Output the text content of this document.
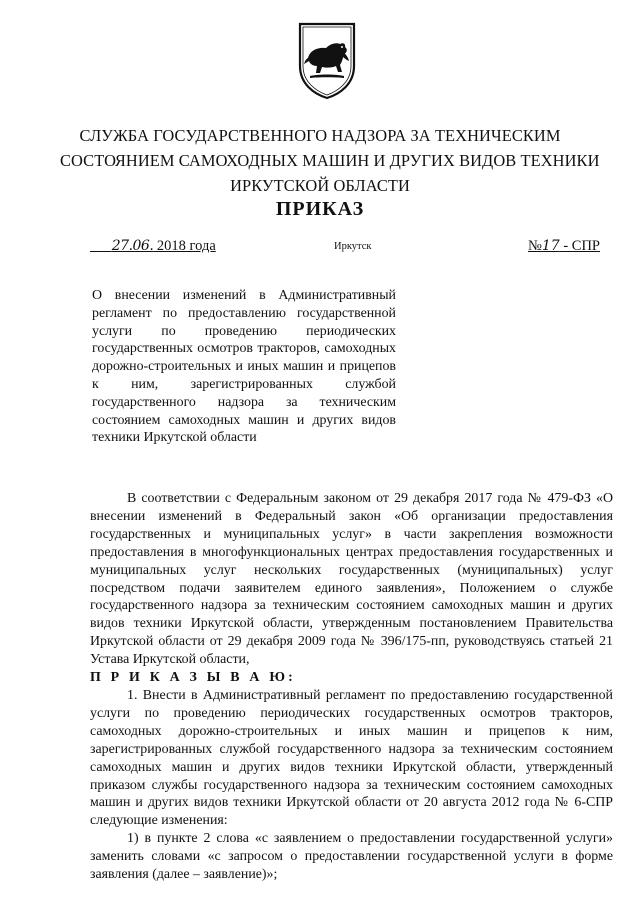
СЛУЖБА ГОСУДАРСТВЕННОГО НАДЗОРА ЗА ТЕХНИЧЕСКИМ
СОСТОЯНИЕМ САМОХОДНЫХ МАШИН И ДРУГИХ ВИДОВ ТЕХНИКИ
ИРКУТСКОЙ ОБЛАСТИ
ПРИКАЗ
27.06. 2018 года	Иркутск	№17 - СПР
О внесении изменений в Административный регламент по предоставлению государственной услуги по проведению периодических государственных осмотров тракторов, самоходных дорожно-строительных и иных машин и прицепов к ним, зарегистрированных службой государственного надзора за техническим состоянием самоходных машин и других видов техники Иркутской области

В соответствии с Федеральным законом от 29 декабря 2017 года № 479-ФЗ «О внесении изменений в Федеральный закон «Об организации предоставления государственных и муниципальных услуг» в части закрепления возможности предоставления в многофункциональных центрах предоставления государственных и муниципальных услуг нескольких государственных (муниципальных) услуг посредством подачи заявителем единого заявления», Положением о службе государственного надзора за техническим состоянием самоходных машин и других видов техники Иркутской области, утвержденным постановлением Правительства Иркутской области от 29 декабря 2009 года № 396/175-пп, руководствуясь статьей 21 Устава Иркутской области,

П Р И К А З Ы В А Ю:

1. Внести в Административный регламент по предоставлению государственной услуги по проведению периодических государственных осмотров тракторов, самоходных дорожно-строительных и иных машин и прицепов к ним, зарегистрированных службой государственного надзора за техническим состоянием самоходных машин и других видов техники Иркутской области, утвержденный приказом службы государственного надзора за техническим состоянием самоходных машин и других видов техники Иркутской области от 20 августа 2012 года № 6-СПР следующие изменения:

1) в пункте 2 слова «с заявлением о предоставлении государственной услуги» заменить словами «с запросом о предоставлении государственной услуги в форме заявления (далее – заявление)»;
